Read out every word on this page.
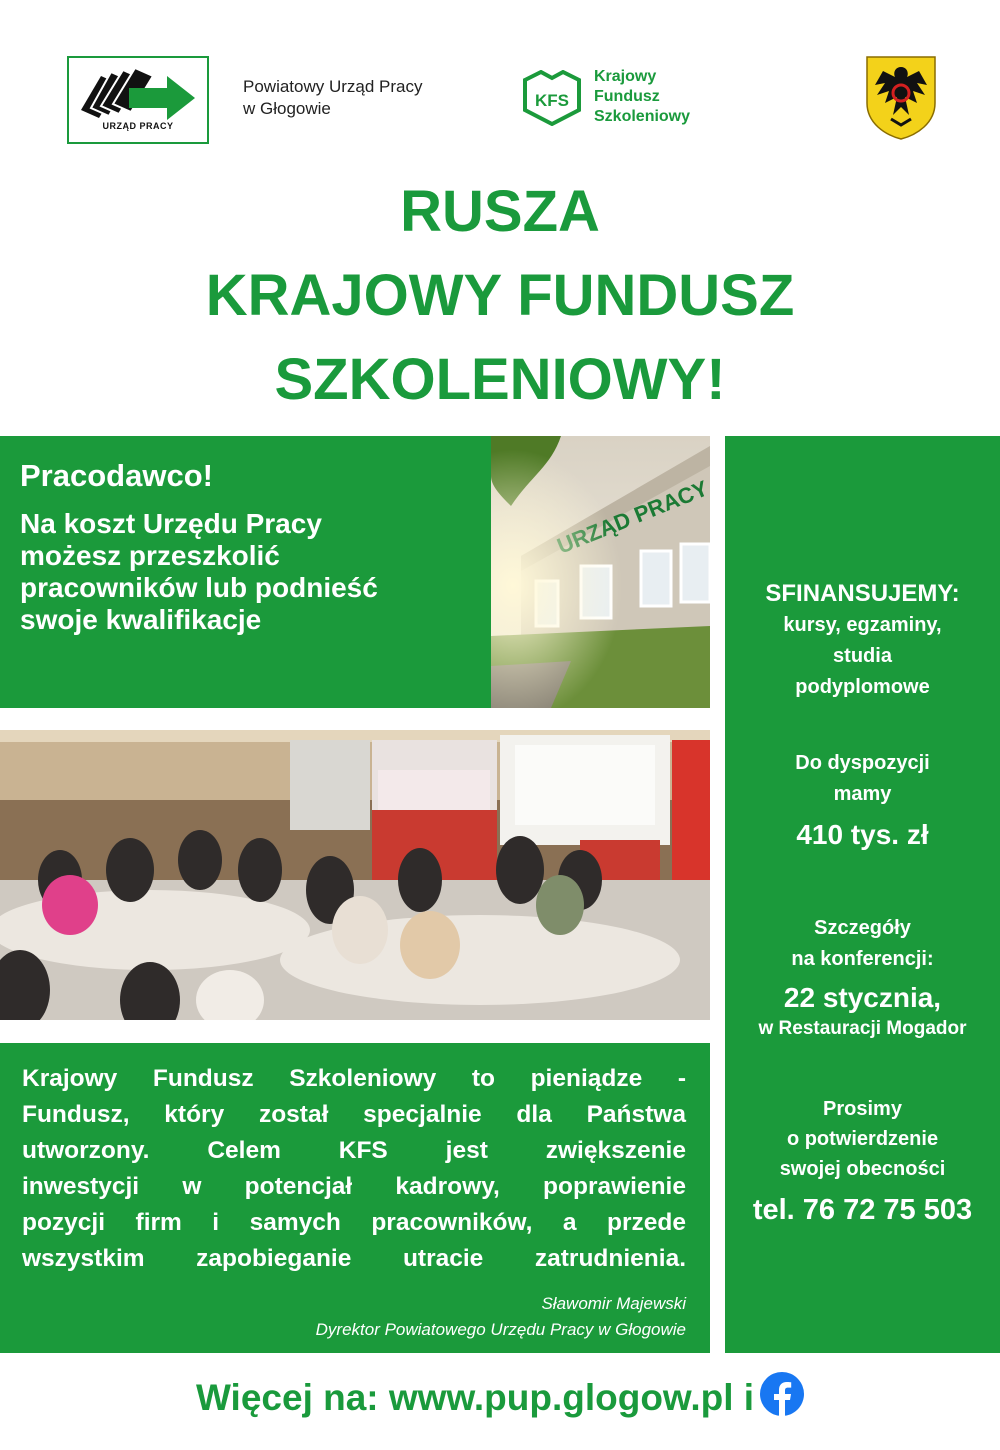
URZĄD PRACY
Powiatowy Urząd Pracy
w Głogowie	KFS
Krajowy
Fundusz
Szkoleniowy
RUSZA
KRAJOWY FUNDUSZ
SZKOLENIOWY!
Pracodawco!
Na koszt Urzędu Pracy
możesz przeszkolić
pracowników lub podnieść
swoje kwalifikacje
SFINANSUJEMY:
kursy, egzaminy,
studia
podyplomowe
Do dyspozycji
mamy
410 tys. zł
Szczegóły
na konferencji:
22 stycznia,
w Restauracji Mogador
Prosimy
o potwierdzenie
swojej obecności
tel. 76 72 75 503
Krajowy Fundusz Szkoleniowy to pieniądze -
Fundusz, który został specjalnie dla Państwa
utworzony. Celem KFS jest zwiększenie
inwestycji w potencjał kadrowy, poprawienie
pozycji firm i samych pracowników, a przede
wszystkim zapobieganie utracie zatrudnienia.
Sławomir Majewski
Dyrektor Powiatowego Urzędu Pracy w Głogowie
Więcej na: www.pup.glogow.pl i
